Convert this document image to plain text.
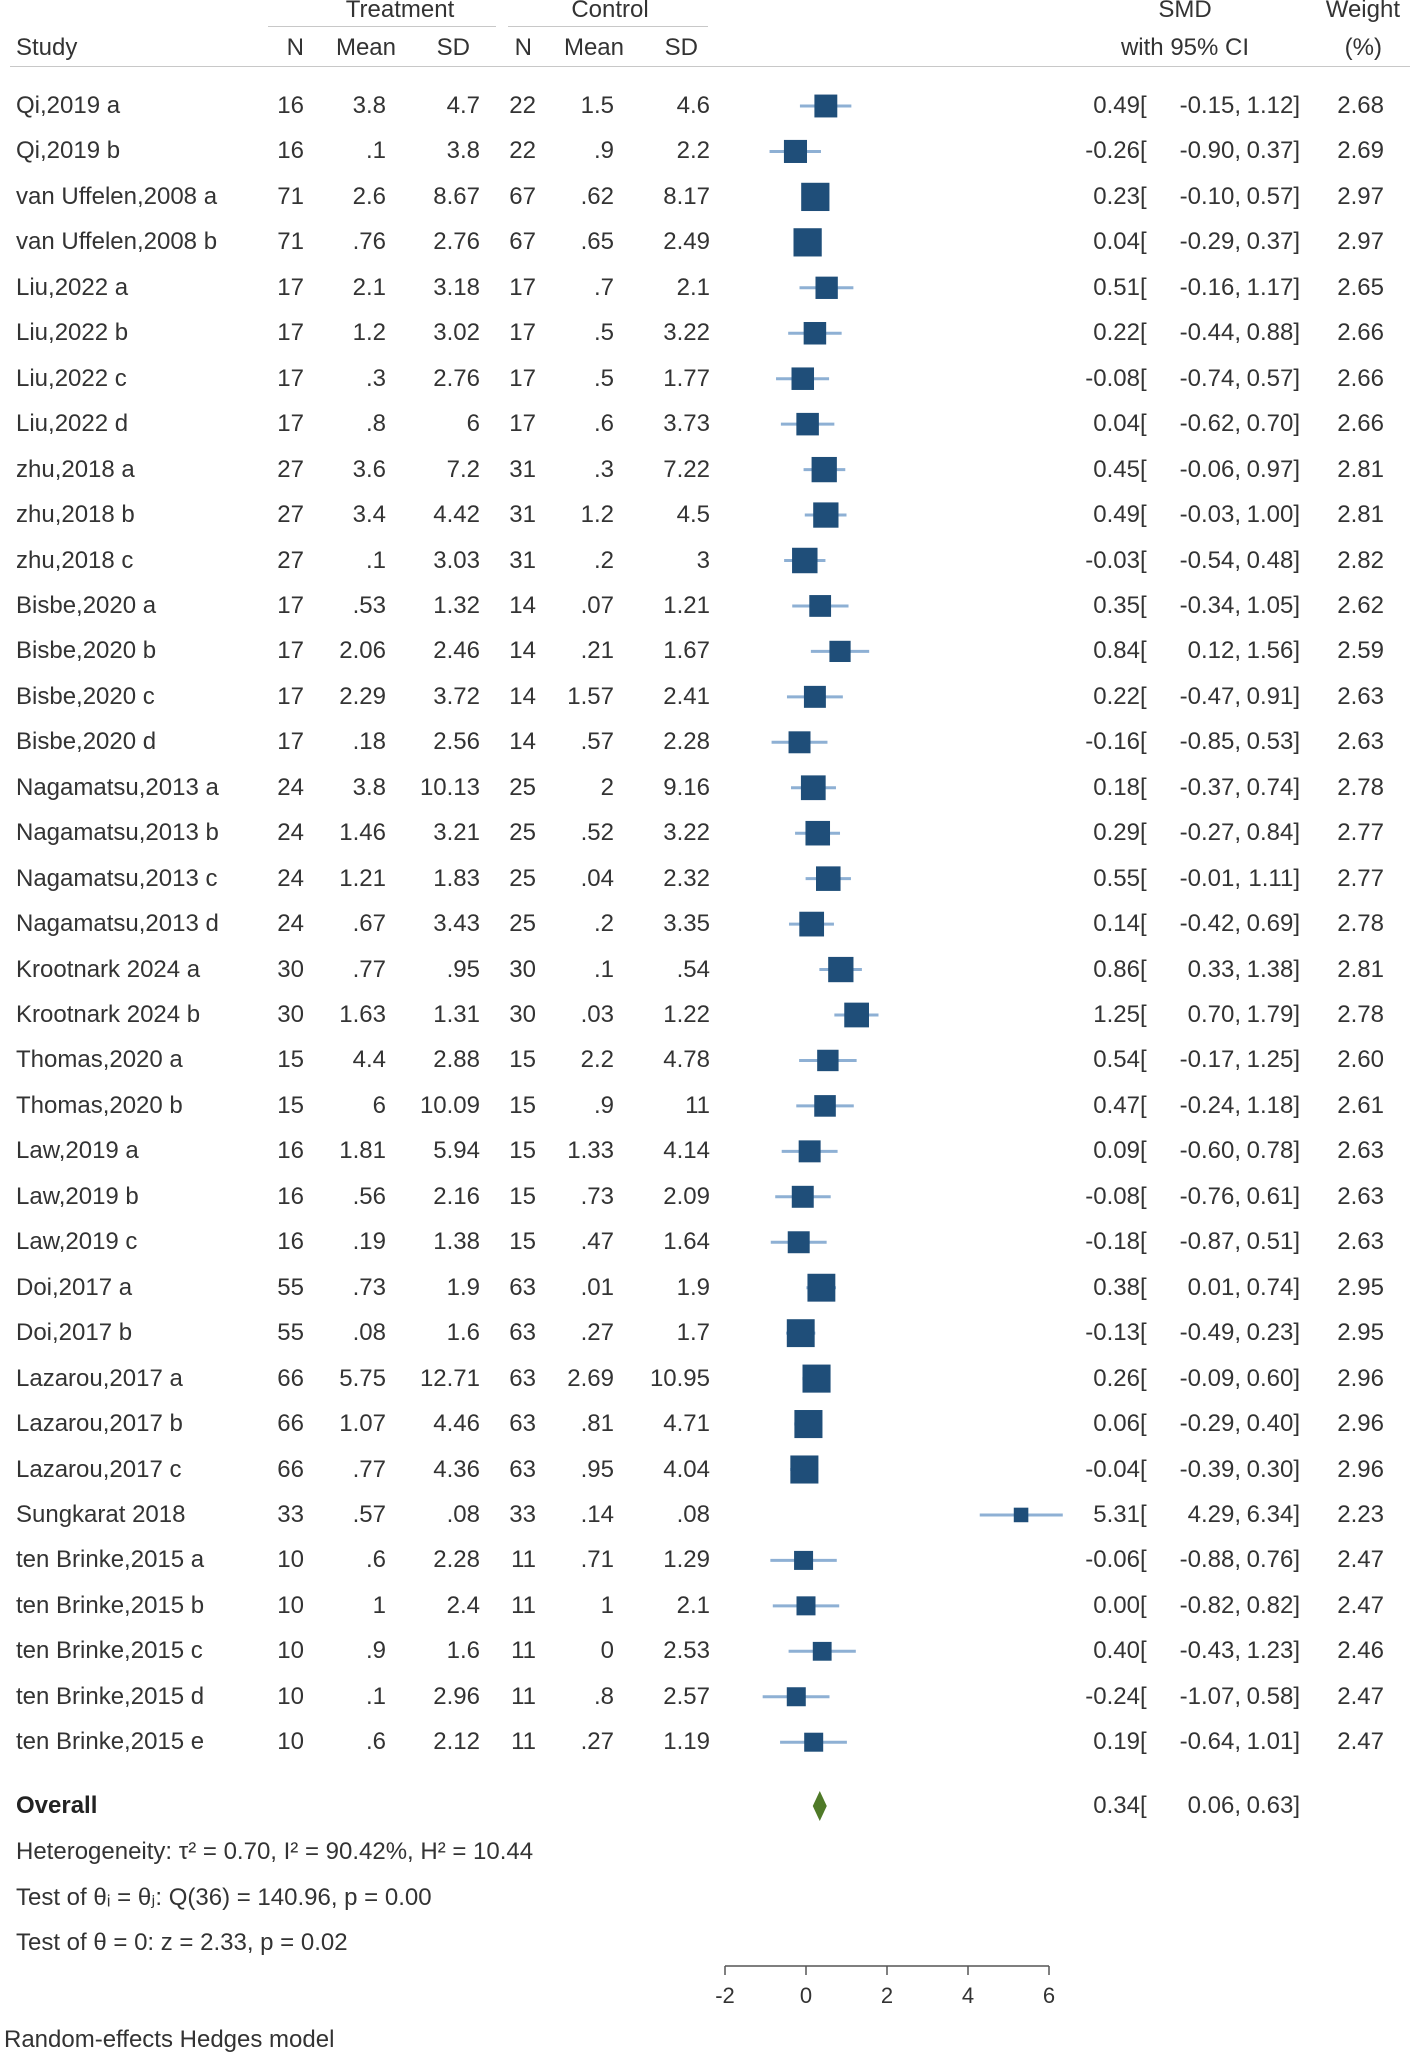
Treatment	Control	SMD	Weight
Study	N	Mean	SD	N	Mean	SD	with 95% CI	(%)
Qi,2019 a	16	3.8	4.7	22	1.5	4.6	0.49	-0.15, 1.12]	2.68
[
Qi,2019 b	16	.1	3.8	22	.9	2.2	-0.26	-0.90, 0.37]	2.69
[
van Uffelen,2008 a	71	2.6	8.67	67	.62	8.17	0.23	-0.10, 0.57]	2.97
[
van Uffelen,2008 b	71	.76	2.76	67	.65	2.49	0.04	-0.29, 0.37]	2.97
[
Liu,2022 a	17	2.1	3.18	17	.7	2.1	0.51	-0.16, 1.17]	2.65
[
Liu,2022 b	17	1.2	3.02	17	.5	3.22	0.22	-0.44, 0.88]	2.66
[
Liu,2022 c	17	.3	2.76	17	.5	1.77	-0.08	-0.74, 0.57]	2.66
[
Liu,2022 d	17	.8	6	17	.6	3.73	0.04	-0.62, 0.70]	2.66
[
zhu,2018 a	27	3.6	7.2	31	.3	7.22	0.45	-0.06, 0.97]	2.81
[
zhu,2018 b	27	3.4	4.42	31	1.2	4.5	0.49	-0.03, 1.00]	2.81
[
zhu,2018 c	27	.1	3.03	31	.2	3	-0.03	-0.54, 0.48]	2.82
[
Bisbe,2020 a	17	.53	1.32	14	.07	1.21	0.35	-0.34, 1.05]	2.62
[
Bisbe,2020 b	17	2.06	2.46	14	.21	1.67	0.84	0.12, 1.56]	2.59
[
Bisbe,2020 c	17	2.29	3.72	14	1.57	2.41	0.22	-0.47, 0.91]	2.63
[
Bisbe,2020 d	17	.18	2.56	14	.57	2.28	-0.16	-0.85, 0.53]	2.63
[
Nagamatsu,2013 a	24	3.8	10.13	25	2	9.16	0.18	-0.37, 0.74]	2.78
[
Nagamatsu,2013 b	24	1.46	3.21	25	.52	3.22	0.29	-0.27, 0.84]	2.77
[
Nagamatsu,2013 c	24	1.21	1.83	25	.04	2.32	0.55	-0.01, 1.11]	2.77
[
Nagamatsu,2013 d	24	.67	3.43	25	.2	3.35	0.14	-0.42, 0.69]	2.78
[
Krootnark 2024 a	30	.77	.95	30	.1	.54	0.86	0.33, 1.38]	2.81
[
Krootnark 2024 b	30	1.63	1.31	30	.03	1.22	1.25	0.70, 1.79]	2.78
[
Thomas,2020 a	15	4.4	2.88	15	2.2	4.78	0.54	-0.17, 1.25]	2.60
[
Thomas,2020 b	15	6	10.09	15	.9	11	0.47	-0.24, 1.18]	2.61
[
Law,2019 a	16	1.81	5.94	15	1.33	4.14	0.09	-0.60, 0.78]	2.63
[
Law,2019 b	16	.56	2.16	15	.73	2.09	-0.08	-0.76, 0.61]	2.63
[
Law,2019 c	16	.19	1.38	15	.47	1.64	-0.18	-0.87, 0.51]	2.63
[
Doi,2017 a	55	.73	1.9	63	.01	1.9	0.38	0.01, 0.74]	2.95
[
Doi,2017 b	55	.08	1.6	63	.27	1.7	-0.13	-0.49, 0.23]	2.95
[
Lazarou,2017 a	66	5.75	12.71	63	2.69	10.95	0.26	-0.09, 0.60]	2.96
[
Lazarou,2017 b	66	1.07	4.46	63	.81	4.71	0.06	-0.29, 0.40]	2.96
[
Lazarou,2017 c	66	.77	4.36	63	.95	4.04	-0.04	-0.39, 0.30]	2.96
[
Sungkarat 2018	33	.57	.08	33	.14	.08	5.31	4.29, 6.34]	2.23
[
ten Brinke,2015 a	10	.6	2.28	11	.71	1.29	-0.06	-0.88, 0.76]	2.47
[
ten Brinke,2015 b	10	1	2.4	11	1	2.1	0.00	-0.82, 0.82]	2.47
[
ten Brinke,2015 c	10	.9	1.6	11	0	2.53	0.40	-0.43, 1.23]	2.46
[
ten Brinke,2015 d	10	.1	2.96	11	.8	2.57	-0.24	-1.07, 0.58]	2.47
[
ten Brinke,2015 e	10	.6	2.12	11	.27	1.19	0.19	-0.64, 1.01]	2.47
[
-2	0	2	4	6
Overall	0.34 [	0.06, 0.63]
Heterogeneity: τ² = 0.70, I² = 90.42%, H² = 10.44
Test of θᵢ = θⱼ: Q(36) = 140.96, p = 0.00
Test of θ = 0: z = 2.33, p = 0.02
Random-effects Hedges model
